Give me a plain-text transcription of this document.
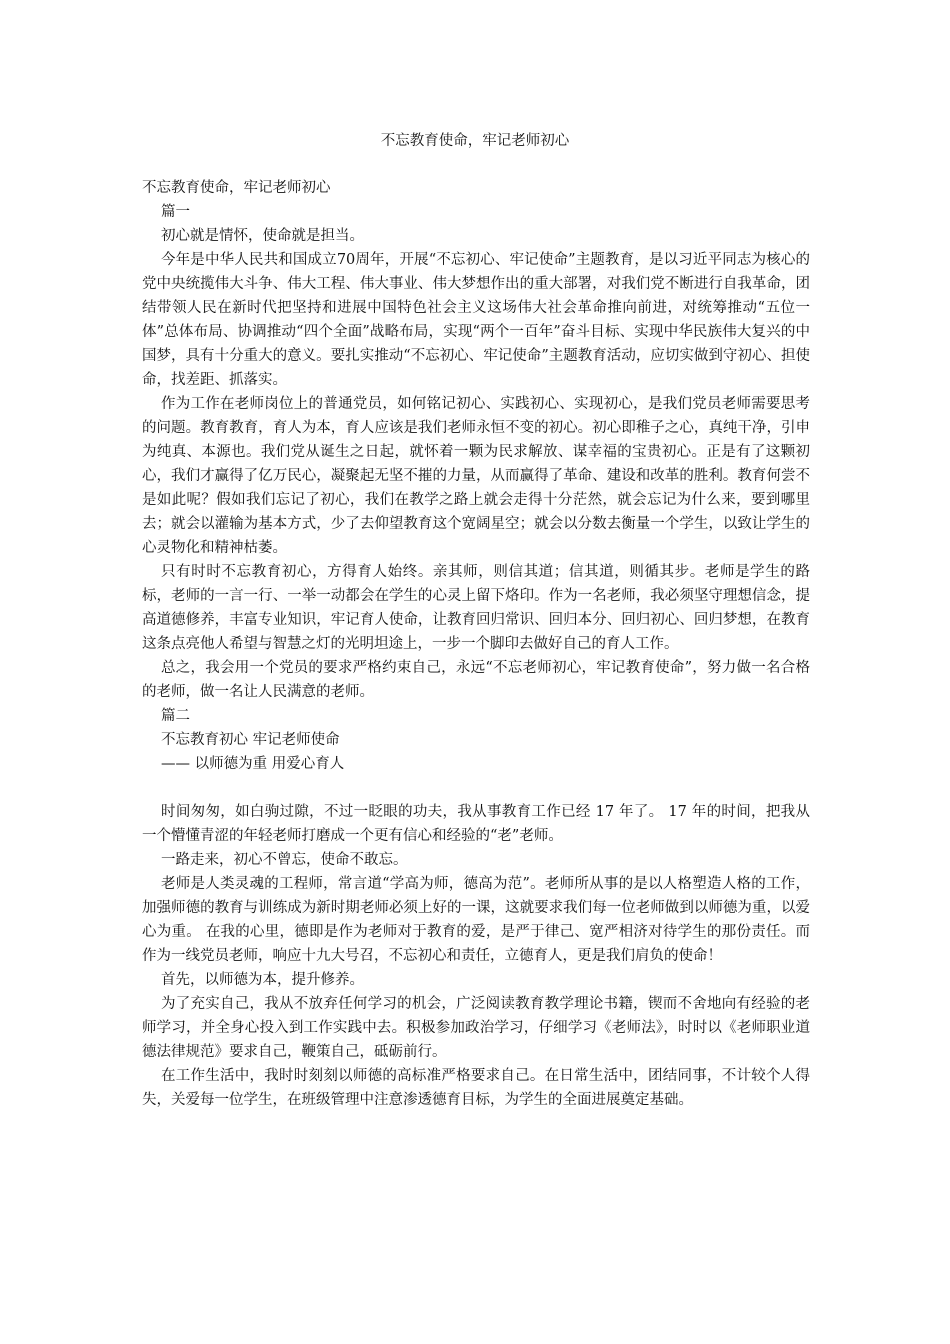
不忘教育使命，牢记老师初心

不忘教育使命，牢记老师初心

篇一

初心就是情怀，使命就是担当。

今年是中华人民共和国成立70周年，开展“不忘初心、牢记使命”主题教育，是以习近平同志为核心的党中央统揽伟大斗争、伟大工程、伟大事业、伟大梦想作出的重大部署，对我们党不断进行自我革命，团结带领人民在新时代把坚持和进展中国特色社会主义这场伟大社会革命推向前进，对统筹推动“五位一体”总体布局、协调推动“四个全面”战略布局，实现“两个一百年”奋斗目标、实现中华民族伟大复兴的中国梦，具有十分重大的意义。要扎实推动“不忘初心、牢记使命”主题教育活动，应切实做到守初心、担使命，找差距、抓落实。

作为工作在老师岗位上的普通党员，如何铭记初心、实践初心、实现初心，是我们党员老师需要思考的问题。教育教育，育人为本，育人应该是我们老师永恒不变的初心。初心即稚子之心，真纯干净，引申为纯真、本源也。我们党从诞生之日起，就怀着一颗为民求解放、谋幸福的宝贵初心。正是有了这颗初心，我们才赢得了亿万民心，凝聚起无坚不摧的力量，从而赢得了革命、建设和改革的胜利。教育何尝不是如此呢？假如我们忘记了初心，我们在教学之路上就会走得十分茫然，就会忘记为什么来，要到哪里去；就会以灌输为基本方式，少了去仰望教育这个宽阔星空；就会以分数去衡量一个学生，以致让学生的心灵物化和精神枯萎。

只有时时不忘教育初心，方得育人始终。亲其师，则信其道；信其道，则循其步。老师是学生的路标，老师的一言一行、一举一动都会在学生的心灵上留下烙印。作为一名老师，我必须坚守理想信念，提高道德修养，丰富专业知识，牢记育人使命，让教育回归常识、回归本分、回归初心、回归梦想，在教育这条点亮他人希望与智慧之灯的光明坦途上，一步一个脚印去做好自己的育人工作。

总之，我会用一个党员的要求严格约束自己，永远“不忘老师初心，牢记教育使命”，努力做一名合格的老师，做一名让人民满意的老师。

篇二

不忘教育初心 牢记老师使命

—— 以师德为重 用爱心育人

时间匆匆，如白驹过隙，不过一眨眼的功夫，我从事教育工作已经 17 年了。 17 年的时间，把我从一个懵懂青涩的年轻老师打磨成一个更有信心和经验的“老”老师。

一路走来，初心不曾忘，使命不敢忘。

老师是人类灵魂的工程师，常言道“学高为师，德高为范”。老师所从事的是以人格塑造人格的工作，加强师德的教育与训练成为新时期老师必须上好的一课，这就要求我们每一位老师做到以师德为重，以爱心为重。 在我的心里，德即是作为老师对于教育的爱，是严于律己、宽严相济对待学生的那份责任。而作为一线党员老师，响应十九大号召，不忘初心和责任，立德育人，更是我们肩负的使命！

首先，以师德为本，提升修养。

为了充实自己，我从不放弃任何学习的机会，广泛阅读教育教学理论书籍，锲而不舍地向有经验的老师学习，并全身心投入到工作实践中去。积极参加政治学习，仔细学习《老师法》，时时以《老师职业道德法律规范》要求自己，鞭策自己，砥砺前行。

在工作生活中，我时时刻刻以师德的高标准严格要求自己。在日常生活中，团结同事，不计较个人得失，关爱每一位学生，在班级管理中注意渗透德育目标，为学生的全面进展奠定基础。
